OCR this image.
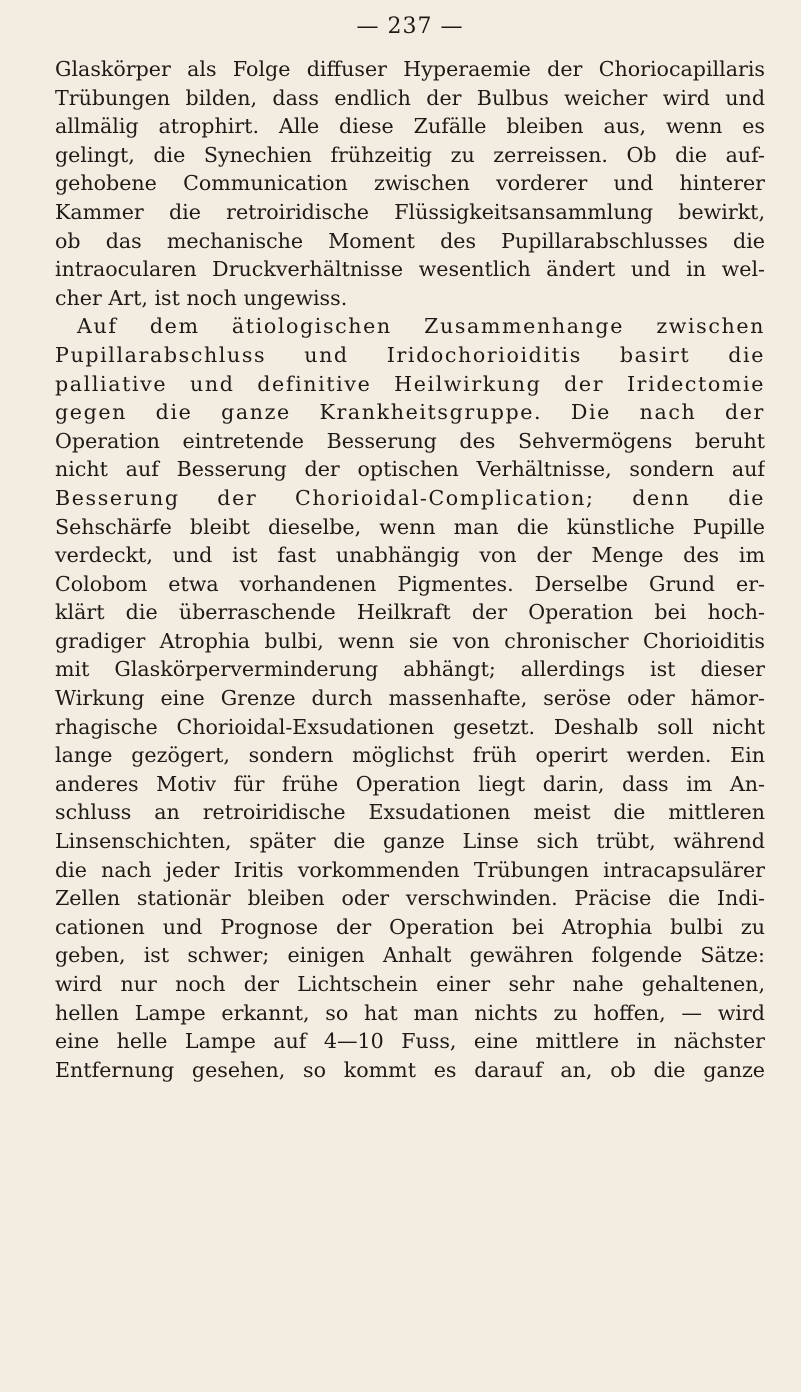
— 237 —
Glaskörper als Folge diffuser Hyperaemie der Choriocapillaris
Trübungen bilden, dass endlich der Bulbus weicher wird und
allmälig atrophirt. Alle diese Zufälle bleiben aus, wenn es
gelingt, die Synechien frühzeitig zu zerreissen. Ob die auf-
gehobene Communication zwischen vorderer und hinterer
Kammer die retroiridische Flüssigkeitsansammlung bewirkt,
ob das mechanische Moment des Pupillarabschlusses die
intraocularen Druckverhältnisse wesentlich ändert und in wel-
cher Art, ist noch ungewiss.
Auf dem ätiologischen Zusammenhange zwischen
Pupillarabschluss und Iridochorioiditis basirt die
palliative und definitive Heilwirkung der Iridectomie
gegen die ganze Krankheitsgruppe. Die nach der
Operation eintretende Besserung des Sehvermögens beruht
nicht auf Besserung der optischen Verhältnisse, sondern auf
Besserung der Chorioidal-Complication; denn die
Sehschärfe bleibt dieselbe, wenn man die künstliche Pupille
verdeckt, und ist fast unabhängig von der Menge des im
Colobom etwa vorhandenen Pigmentes. Derselbe Grund er-
klärt die überraschende Heilkraft der Operation bei hoch-
gradiger Atrophia bulbi, wenn sie von chronischer Chorioiditis
mit Glaskörperverminderung abhängt; allerdings ist dieser
Wirkung eine Grenze durch massenhafte, seröse oder hämor-
rhagische Chorioidal-Exsudationen gesetzt. Deshalb soll nicht
lange gezögert, sondern möglichst früh operirt werden. Ein
anderes Motiv für frühe Operation liegt darin, dass im An-
schluss an retroiridische Exsudationen meist die mittleren
Linsenschichten, später die ganze Linse sich trübt, während
die nach jeder Iritis vorkommenden Trübungen intracapsulärer
Zellen stationär bleiben oder verschwinden. Präcise die Indi-
cationen und Prognose der Operation bei Atrophia bulbi zu
geben, ist schwer; einigen Anhalt gewähren folgende Sätze:
wird nur noch der Lichtschein einer sehr nahe gehaltenen,
hellen Lampe erkannt, so hat man nichts zu hoffen, — wird
eine helle Lampe auf 4—10 Fuss, eine mittlere in nächster
Entfernung gesehen, so kommt es darauf an, ob die ganze
